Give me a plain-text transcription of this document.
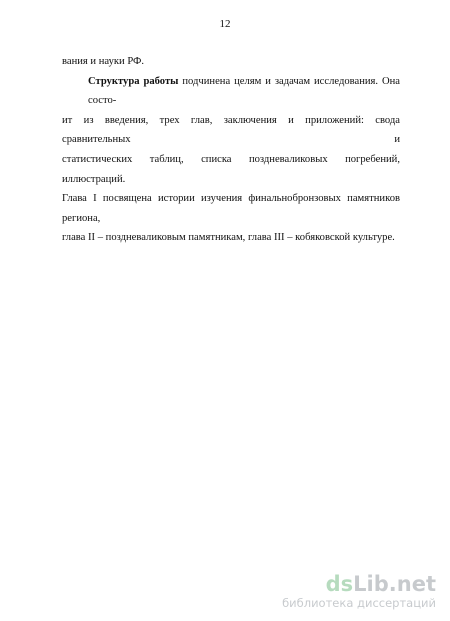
12
вания и науки РФ.
Структура работы подчинена целям и задачам исследования. Она состо-
ит из введения, трех глав, заключения и приложений: свода сравнительных и
статистических таблиц, списка поздневаликовых погребений, иллюстраций.
Глава I посвящена истории изучения финальнобронзовых памятников региона,
глава II – поздневаликовым памятникам, глава III – кобяковской культуре.
dsLib.net
библиотека диссертаций
